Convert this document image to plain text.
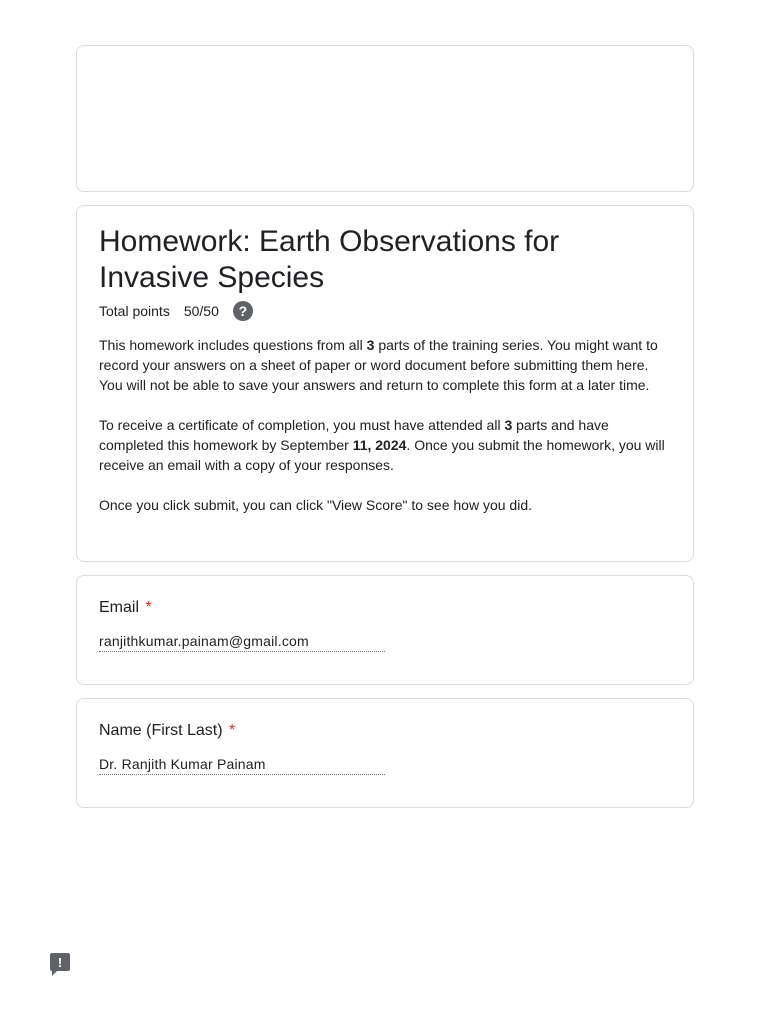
Homework: Earth Observations for Invasive Species
Total points 50/50	?

This homework includes questions from all 3 parts of the training series. You might want to record your answers on a sheet of paper or word document before submitting them here. You will not be able to save your answers and return to complete this form at a later time.

To receive a certificate of completion, you must have attended all 3 parts and have completed this homework by September 11, 2024. Once you submit the homework, you will receive an email with a copy of your responses.

Once you click submit, you can click "View Score" to see how you did.

Email *
ranjithkumar.painam@gmail.com
Name (First Last) *
Dr. Ranjith Kumar Painam
!
